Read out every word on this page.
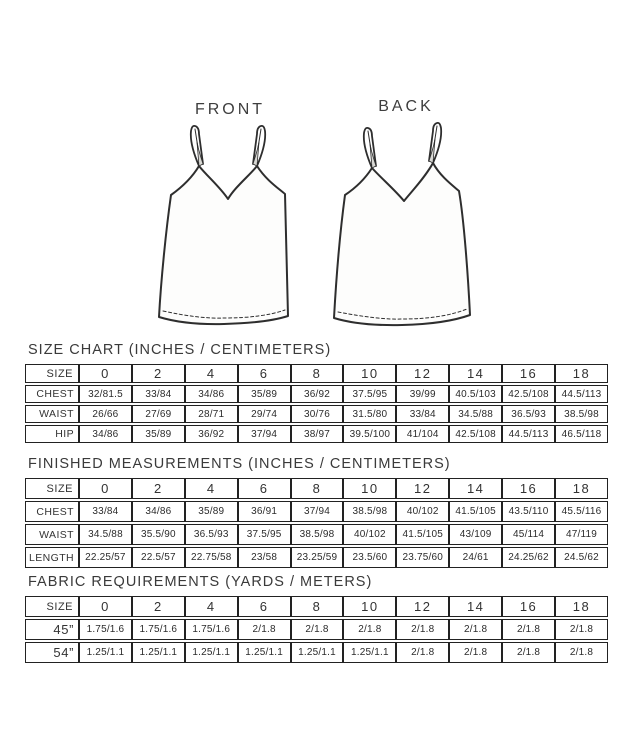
FRONT	BACK
SIZE CHART (INCHES / CENTIMETERS)
SIZE	0	2	4	6	8	10	12	14	16	18
CHEST	32/81.5	33/84	34/86	35/89	36/92	37.5/95	39/99	40.5/103	42.5/108	44.5/113
WAIST	26/66	27/69	28/71	29/74	30/76	31.5/80	33/84	34.5/88	36.5/93	38.5/98
HIP	34/86	35/89	36/92	37/94	38/97	39.5/100	41/104	42.5/108	44.5/113	46.5/118
FINISHED MEASUREMENTS (INCHES / CENTIMETERS)
SIZE	0	2	4	6	8	10	12	14	16	18
CHEST	33/84	34/86	35/89	36/91	37/94	38.5/98	40/102	41.5/105	43.5/110	45.5/116
WAIST	34.5/88	35.5/90	36.5/93	37.5/95	38.5/98	40/102	41.5/105	43/109	45/114	47/119
LENGTH	22.25/57	22.5/57	22.75/58	23/58	23.25/59	23.5/60	23.75/60	24/61	24.25/62	24.5/62
FABRIC REQUIREMENTS (YARDS / METERS)
SIZE	0	2	4	6	8	10	12	14	16	18
45”	1.75/1.6	1.75/1.6	1.75/1.6	2/1.8	2/1.8	2/1.8	2/1.8	2/1.8	2/1.8	2/1.8
54”	1.25/1.1	1.25/1.1	1.25/1.1	1.25/1.1	1.25/1.1	1.25/1.1	2/1.8	2/1.8	2/1.8	2/1.8
